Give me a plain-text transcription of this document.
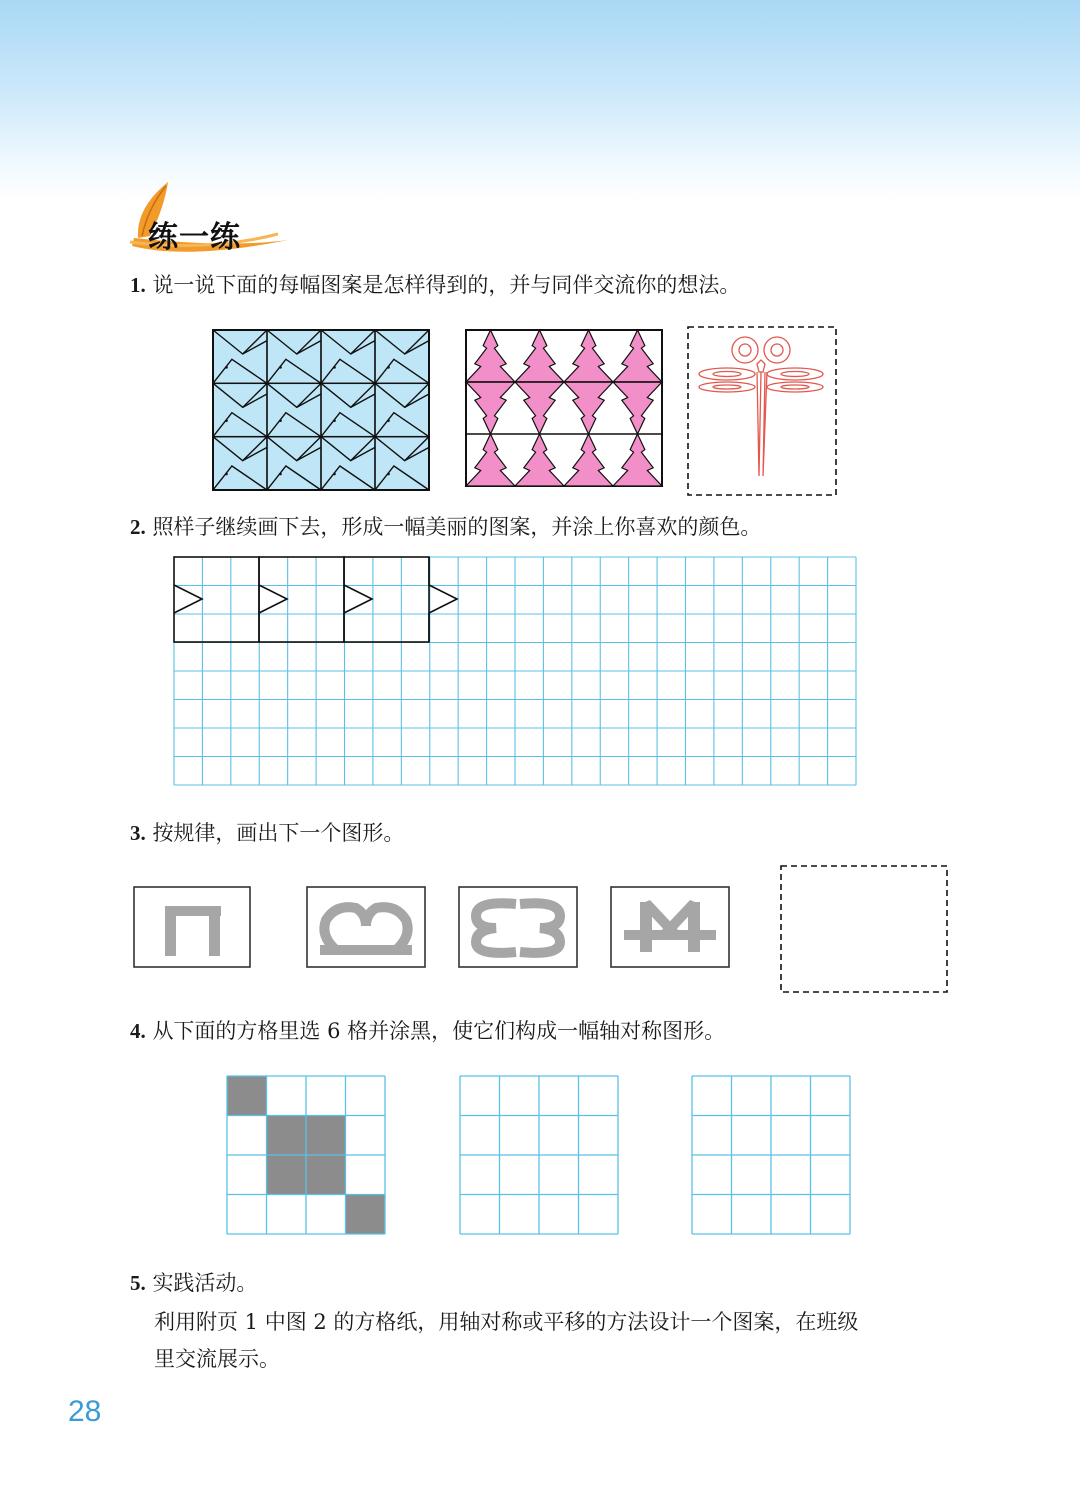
练一练
1. 说一说下面的每幅图案是怎样得到的，并与同伴交流你的想法。
2. 照样子继续画下去，形成一幅美丽的图案，并涂上你喜欢的颜色。
3. 按规律，画出下一个图形。
1	2	3	4
4. 从下面的方格里选 6 格并涂黑，使它们构成一幅轴对称图形。
5. 实践活动。
利用附页 1 中图 2 的方格纸，用轴对称或平移的方法设计一个图案，在班级
里交流展示。
28
